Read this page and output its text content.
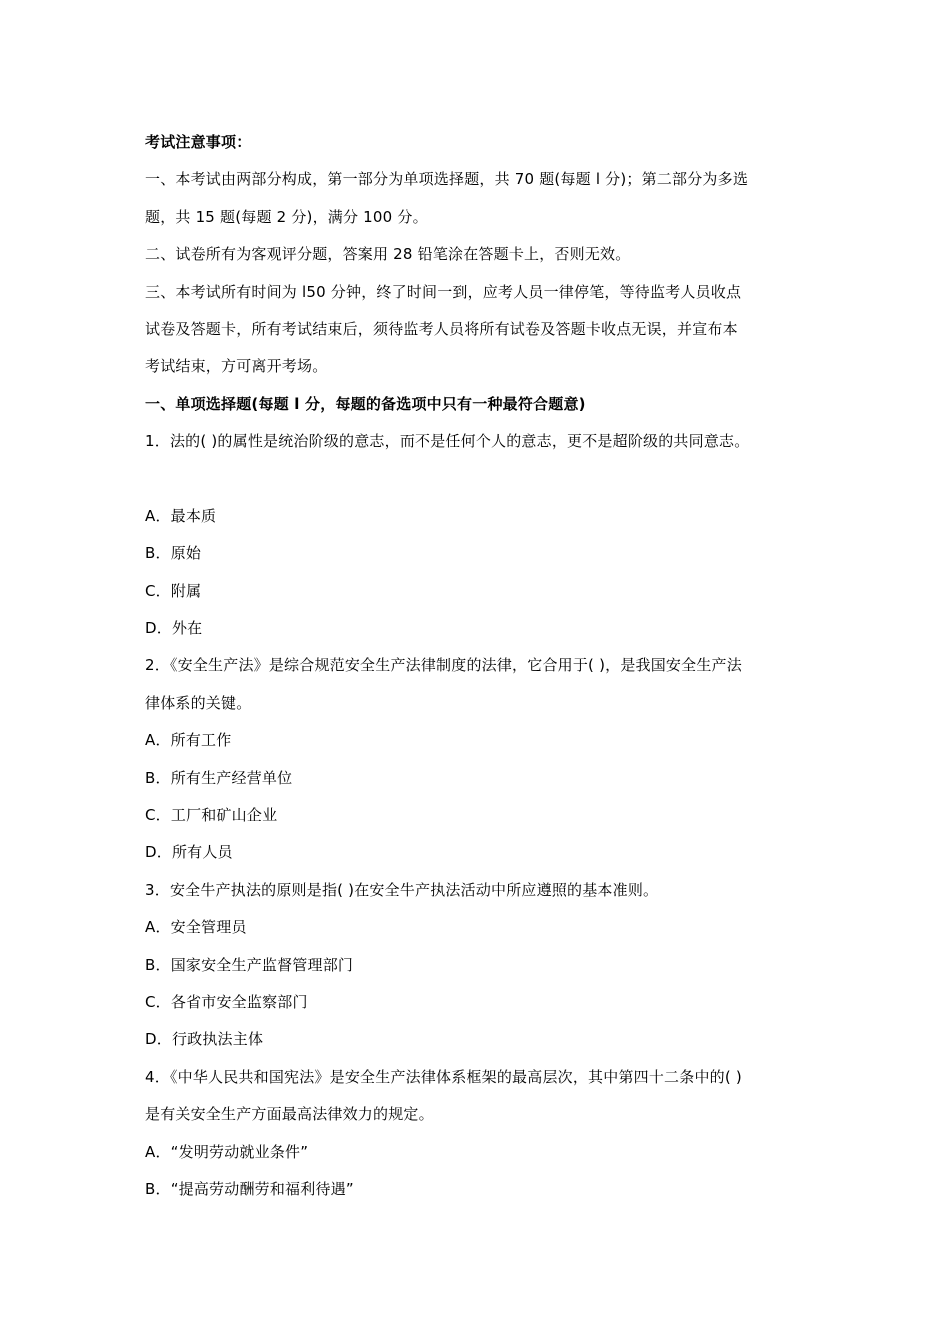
考试注意事项：
一、本考试由两部分构成，第一部分为单项选择题，共 70 题(每题 l 分)；第二部分为多选
题，共 15 题(每题 2 分)，满分 100 分。
二、试卷所有为客观评分题，答案用 28 铅笔涂在答题卡上，否则无效。
三、本考试所有时间为 l50 分钟，终了时间一到，应考人员一律停笔，等待监考人员收点
试卷及答题卡，所有考试结束后，须待监考人员将所有试卷及答题卡收点无误，并宣布本
考试结束，方可离开考场。
一、单项选择题(每题 l 分，每题的备选项中只有一种最符合题意)
1．法的( )的属性是统治阶级的意志，而不是任何个人的意志，更不是超阶级的共同意志。
A．最本质
B．原始
C．附属
D．外在
2．《安全生产法》是综合规范安全生产法律制度的法律，它合用于( )，是我国安全生产法
律体系的关键。
A．所有工作
B．所有生产经营单位
C．工厂和矿山企业
D．所有人员
3．安全牛产执法的原则是指( )在安全牛产执法活动中所应遵照的基本准则。
A．安全管理员
B．国家安全生产监督管理部门
C．各省市安全监察部门
D．行政执法主体
4．《中华人民共和国宪法》是安全生产法律体系框架的最高层次，其中第四十二条中的( )
是有关安全生产方面最高法律效力的规定。
A．“发明劳动就业条件”
B．“提高劳动酬劳和福利待遇”
